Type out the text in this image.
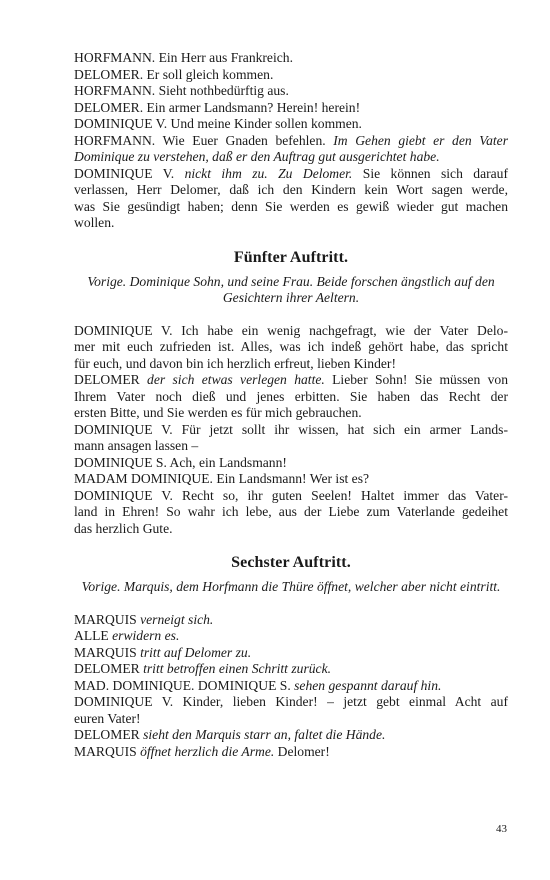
HORFMANN. Ein Herr aus Frankreich.
DELOMER. Er soll gleich kommen.
HORFMANN. Sieht nothbedürftig aus.
DELOMER. Ein armer Landsmann? Herein! herein!
DOMINIQUE V. Und meine Kinder sollen kommen.
HORFMANN. Wie Euer Gnaden befehlen. Im Gehen giebt er den Vater
Dominique zu verstehen, daß er den Auftrag gut ausgerichtet habe.
DOMINIQUE V. nickt ihm zu. Zu Delomer. Sie können sich darauf
verlassen, Herr Delomer, daß ich den Kindern kein Wort sagen werde,
was Sie gesündigt haben; denn Sie werden es gewiß wieder gut machen
wollen.
Fünfter Auftritt.
Vorige. Dominique Sohn, und seine Frau. Beide forschen ängstlich auf den Gesichtern ihrer Aeltern.
DOMINIQUE V. Ich habe ein wenig nachgefragt, wie der Vater Delo-
mer mit euch zufrieden ist. Alles, was ich indeß gehört habe, das spricht
für euch, und davon bin ich herzlich erfreut, lieben Kinder!
DELOMER der sich etwas verlegen hatte. Lieber Sohn! Sie müssen von
Ihrem Vater noch dieß und jenes erbitten. Sie haben das Recht der
ersten Bitte, und Sie werden es für mich gebrauchen.
DOMINIQUE V. Für jetzt sollt ihr wissen, hat sich ein armer Lands-
mann ansagen lassen –
DOMINIQUE S. Ach, ein Landsmann!
MADAM DOMINIQUE. Ein Landsmann! Wer ist es?
DOMINIQUE V. Recht so, ihr guten Seelen! Haltet immer das Vater-
land in Ehren! So wahr ich lebe, aus der Liebe zum Vaterlande gedeihet
das herzlich Gute.
Sechster Auftritt.
Vorige. Marquis, dem Horfmann die Thüre öffnet, welcher aber nicht eintritt.
MARQUIS verneigt sich.
ALLE erwidern es.
MARQUIS tritt auf Delomer zu.
DELOMER tritt betroffen einen Schritt zurück.
MAD. DOMINIQUE. DOMINIQUE S. sehen gespannt darauf hin.
DOMINIQUE V. Kinder, lieben Kinder! – jetzt gebt einmal Acht auf
euren Vater!
DELOMER sieht den Marquis starr an, faltet die Hände.
MARQUIS öffnet herzlich die Arme. Delomer!
43
